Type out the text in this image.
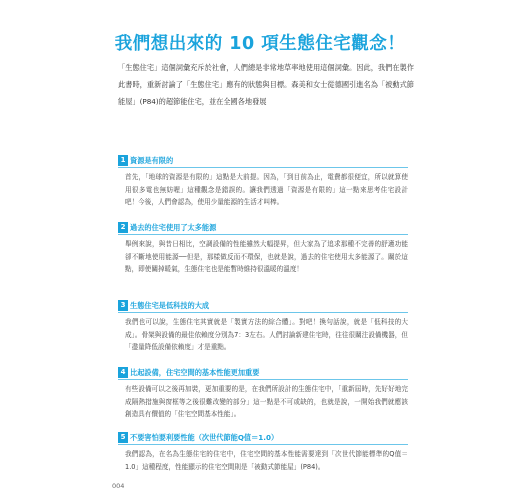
我們想出來的 10 項生態住宅觀念！
「生態住宅」這個詞彙充斥於社會，人們總是非常地草率地使用這個詞彙。因此，我們在製作此書時，重新討論了「生態住宅」應有的狀態與目標。森美和女士從德國引進名為「被動式節能屋」(P84)的超節能住宅，並在全國各地發展
1 資源是有限的
首先，「地球的資源是有限的」這點是大前提。因為，「到目前為止，電費都很便宜，所以就算使用很多電也無妨喔」這種觀念是錯誤的。讓我們透過「資源是有限的」這一點來思考住宅設計吧！今後，人們會認為，使用少量能源的生活才叫棒。
2 過去的住宅使用了太多能源
舉例來說，與昔日相比，空調設備的性能雖然大幅提昇，但大家為了追求那種不完善的舒適功能卻不斷地使用能源──但是，那樣做反而不環保，也就是說，過去的住宅使用太多能源了。關於這點，即使關掉暖氣，生態住宅也是能暫時維持很溫暖的溫度！
3 生態住宅是低科技的大成
我們也可以說，生態住宅其實就是「製實方法的綜合體」。對吧！換句話說，就是「低科技的大成」。骨架與設備的最佳依賴度分別為7：3左右。人們討論新建住宅時，往往很關注設備機器，但「盡量降低設備依賴度」才是重點。
4 比起設備，住宅空間的基本性能更加重要
有些設備可以之後再加裝，更加重要的是，在我們所設計的生態住宅中，「重新屆時，先好好地完成隔熱措施與窗框等之後很難改變的部分」這一點是不可或缺的，也就是說，一開始我們就應該創造具有價值的「住宅空間基本性能」。
5 不要害怕要利要性能（次世代節能Q值＝1.0）
我們認為，在名為生態住宅的住宅中，住宅空間的基本性能需要達到「次世代節能標準的Q值＝1.0」這種程度，性能顯示的住宅空間則是「被動式節能屋」(P84)。
004
